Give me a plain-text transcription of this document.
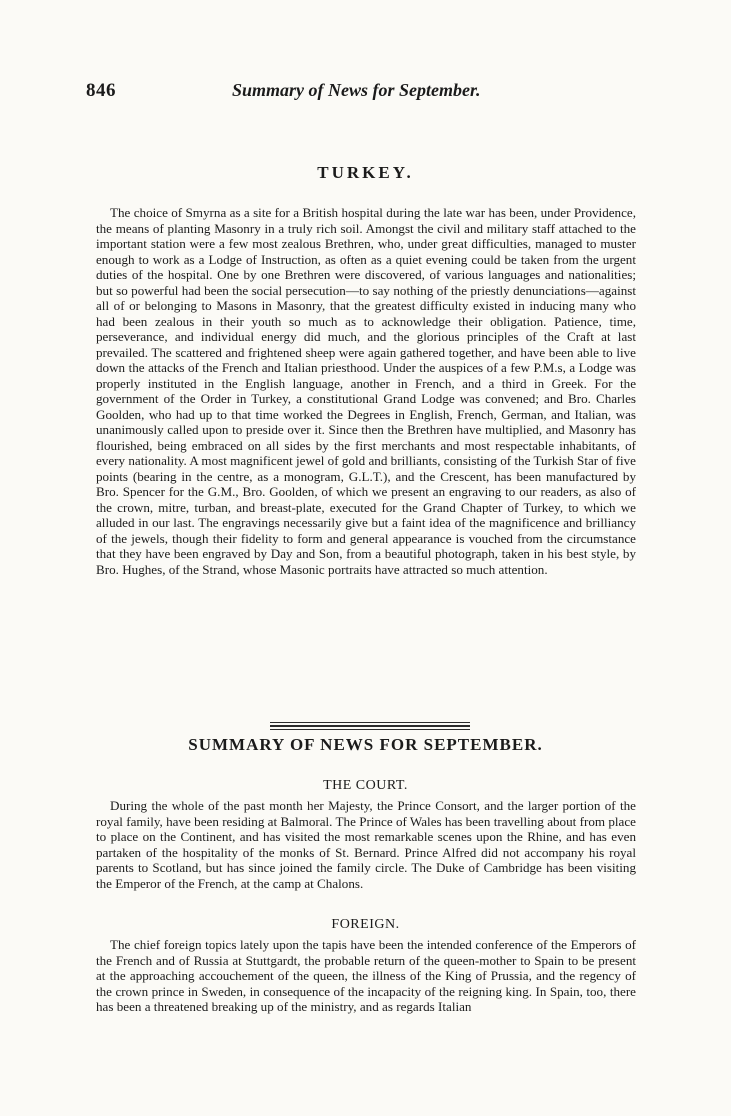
846	Summary of News for September.
TURKEY.

The choice of Smyrna as a site for a British hospital during the late war has been, under Providence, the means of planting Masonry in a truly rich soil. Amongst the civil and military staff attached to the important station were a few most zealous Brethren, who, under great difficulties, managed to muster enough to work as a Lodge of Instruction, as often as a quiet evening could be taken from the urgent duties of the hospital. One by one Brethren were discovered, of various languages and nationalities; but so powerful had been the social persecution—to say nothing of the priestly denunciations—against all of or belonging to Masons in Masonry, that the greatest difficulty existed in inducing many who had been zealous in their youth so much as to acknowledge their obligation. Patience, time, perseverance, and individual energy did much, and the glorious principles of the Craft at last prevailed. The scattered and frightened sheep were again gathered together, and have been able to live down the attacks of the French and Italian priesthood. Under the auspices of a few P.M.s, a Lodge was properly instituted in the English language, another in French, and a third in Greek. For the government of the Order in Turkey, a constitutional Grand Lodge was convened; and Bro. Charles Goolden, who had up to that time worked the Degrees in English, French, German, and Italian, was unanimously called upon to preside over it. Since then the Brethren have multiplied, and Masonry has flourished, being embraced on all sides by the first merchants and most respectable inhabitants, of every nationality. A most magnificent jewel of gold and brilliants, consisting of the Turkish Star of five points (bearing in the centre, as a monogram, G.L.T.), and the Crescent, has been manufactured by Bro. Spencer for the G.M., Bro. Goolden, of which we present an engraving to our readers, as also of the crown, mitre, turban, and breast-plate, executed for the Grand Chapter of Turkey, to which we alluded in our last. The engravings necessarily give but a faint idea of the magnificence and brilliancy of the jewels, though their fidelity to form and general appearance is vouched from the circumstance that they have been engraved by Day and Son, from a beautiful photograph, taken in his best style, by Bro. Hughes, of the Strand, whose Masonic portraits have attracted so much attention.

SUMMARY OF NEWS FOR SEPTEMBER.
THE COURT.

During the whole of the past month her Majesty, the Prince Consort, and the larger portion of the royal family, have been residing at Balmoral. The Prince of Wales has been travelling about from place to place on the Continent, and has visited the most remarkable scenes upon the Rhine, and has even partaken of the hospitality of the monks of St. Bernard. Prince Alfred did not accompany his royal parents to Scotland, but has since joined the family circle. The Duke of Cambridge has been visiting the Emperor of the French, at the camp at Chalons.

FOREIGN.

The chief foreign topics lately upon the tapis have been the intended conference of the Emperors of the French and of Russia at Stuttgardt, the probable return of the queen-mother to Spain to be present at the approaching accouchement of the queen, the illness of the King of Prussia, and the regency of the crown prince in Sweden, in consequence of the incapacity of the reigning king. In Spain, too, there has been a threatened breaking up of the ministry, and as regards Italian
